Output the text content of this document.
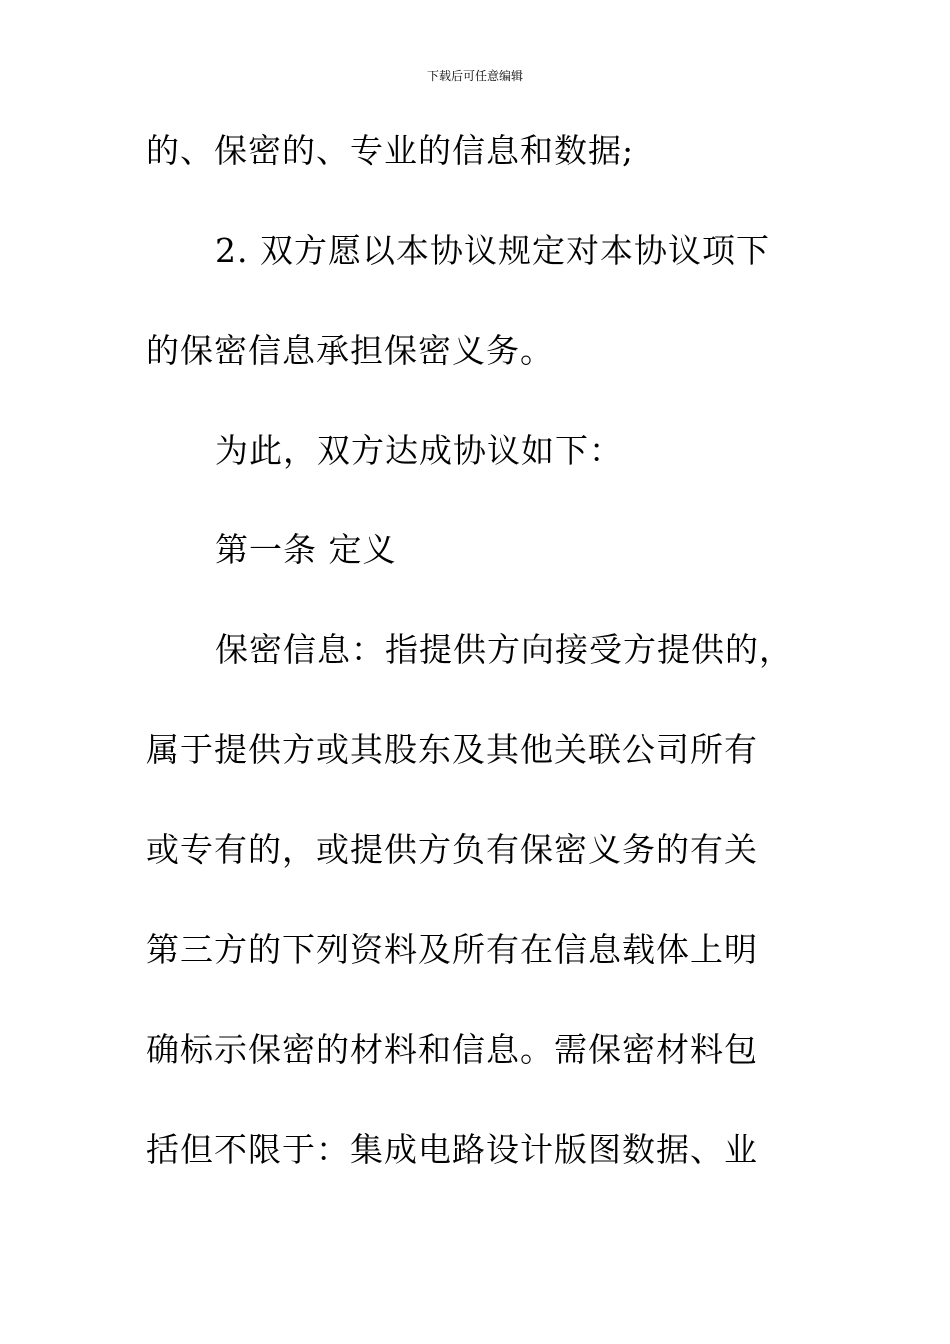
下载后可任意编辑
的、保密的、专业的信息和数据;
2. 双方愿以本协议规定对本协议项下
的保密信息承担保密义务。
为此，双方达成协议如下：
第一条 定义
保密信息：指提供方向接受方提供的，
属于提供方或其股东及其他关联公司所有
或专有的，或提供方负有保密义务的有关
第三方的下列资料及所有在信息载体上明
确标示保密的材料和信息。需保密材料包
括但不限于：集成电路设计版图数据、业
